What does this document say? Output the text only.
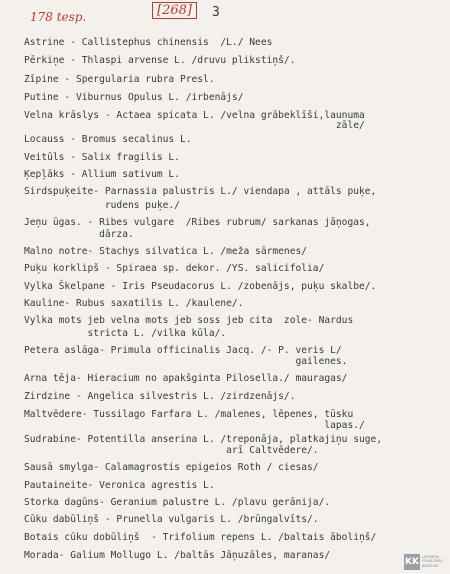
178 tesp.	[268]	3
Astrine - Callistephus chinensis  /L./ Nees
Pērkiņe - Thlaspi arvense L. /druvu plikstiņš/.
Zīpine - Spergularia rubra Presl.
Putine - Viburnus Opulus L. /irbenājs/
Velna krāslys - Actaea spicata L. /velna grābeklīši,launuma
zāle/
Locauss - Bromus secalinus L.
Veitūls - Salix fragilis L.
Ķepļāks - Allium sativum L.
Sirdspuķeite- Parnassia palustris L./ viendapa , attāls puķe,
rudens puķe./
Jeņu ūgas. - Ribes vulgare  /Ribes rubrum/ sarkanas jāņogas,
dārza.
Malno notre- Stachys silvatica L. /meža sārmenes/
Puķu korklipš - Spiraea sp. dekor. /YS. salicifolia/
Vylka Škelpane - Iris Pseudacorus L. /zobenājs, puķu skalbe/.
Kauline- Rubus saxatilis L. /kaulene/.
Vylka mots jeb velna mots jeb soss jeb cita  zole- Nardus
stricta L. /vilka kūla/.
Petera aslāga- Primula officinalis Jacq. /- P. veris L/
gailenes.
Arna tēja- Hieracium no apakšginta Pilosella./ mauragas/
Zirdzine - Angelica silvestris L. /zirdzenājs/.
Maltvēdere- Tussilago Farfara L. /malenes, lēpenes, tūsku
lapas./
Sudrabine- Potentilla anserina L. /treponāja, platkajiņu suge,
arī Caltvēdere/.
Sausā smylga- Calamagrostis epigeios Roth / ciesas/
Pautaineite- Veronica agrestis L.
Storka dagūns- Geranium palustre L. /plavu gerānija/.
Cūku dabūliņš - Prunella vulgaris L. /brūngalvīts/.
Botais cūku dobūliņš  - Trifolium repens L. /baltais āboliņš/
Morada- Galium Mollugo L. /baltās Jāņuzāles, maranas/
KK LATVIEŠU
FOLKLORAS
KRĀTUVE
